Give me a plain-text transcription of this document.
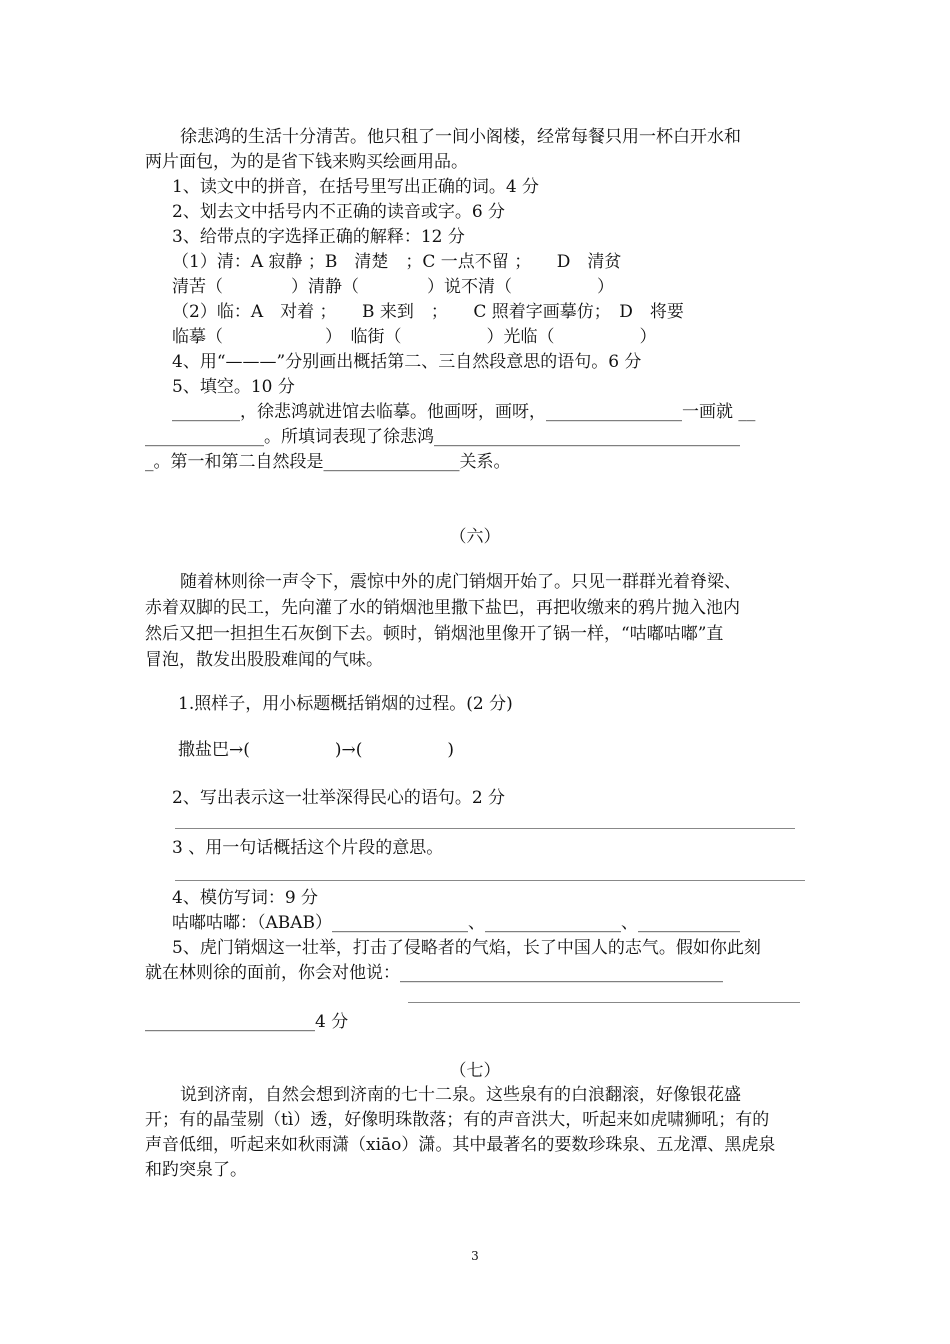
徐悲鸿的生活十分清苦。他只租了一间小阁楼，经常每餐只用一杯白开水和
两片面包，为的是省下钱来购买绘画用品。
1、读文中的拼音，在括号里写出正确的词。4 分
2、划去文中括号内不正确的读音或字。6 分
3、给带点的字选择正确的解释：12 分
（1）清：A 寂静 ；B　清楚　；C 一点不留 ；　　D　清贫
清苦（　　　　）清静（　　　　）说不清（　　　　　）
（2）临：A　对着 ；　　B 来到　；　　C 照着字画摹仿；　D　将要
临摹（　　　　　　）　临街（　　　　　）光临（　　　　　）
4、用“———”分别画出概括第二、三自然段意思的语句。6 分
5、填空。10 分
________，徐悲鸿就进馆去临摹。他画呀，画呀，________________一画就 __
______________。所填词表现了徐悲鸿____________________________________
_。第一和第二自然段是________________关系。
（六）
随着林则徐一声令下，震惊中外的虎门销烟开始了。只见一群群光着脊梁、
赤着双脚的民工，先向灌了水的销烟池里撒下盐巴，再把收缴来的鸦片抛入池内
然后又把一担担生石灰倒下去。顿时，销烟池里像开了锅一样，“咕嘟咕嘟”直
冒泡，散发出股股难闻的气味。
1.照样子，用小标题概括销烟的过程。(2 分)
撒盐巴→(　　　　　)→(　　　　　)
2、写出表示这一壮举深得民心的语句。2 分
3 、用一句话概括这个片段的意思。
4、模仿写词：9 分
咕嘟咕嘟：（ABAB）________________、________________、____________
5、虎门销烟这一壮举，打击了侵略者的气焰，长了中国人的志气。假如你此刻
就在林则徐的面前，你会对他说：______________________________________
____________________4 分
（七）
说到济南，自然会想到济南的七十二泉。这些泉有的白浪翻滚，好像银花盛
开；有的晶莹剔（tì）透，好像明珠散落；有的声音洪大，听起来如虎啸狮吼；有的
声音低细，听起来如秋雨潇（xiāo）潇。其中最著名的要数珍珠泉、五龙潭、黑虎泉
和趵突泉了。
3
